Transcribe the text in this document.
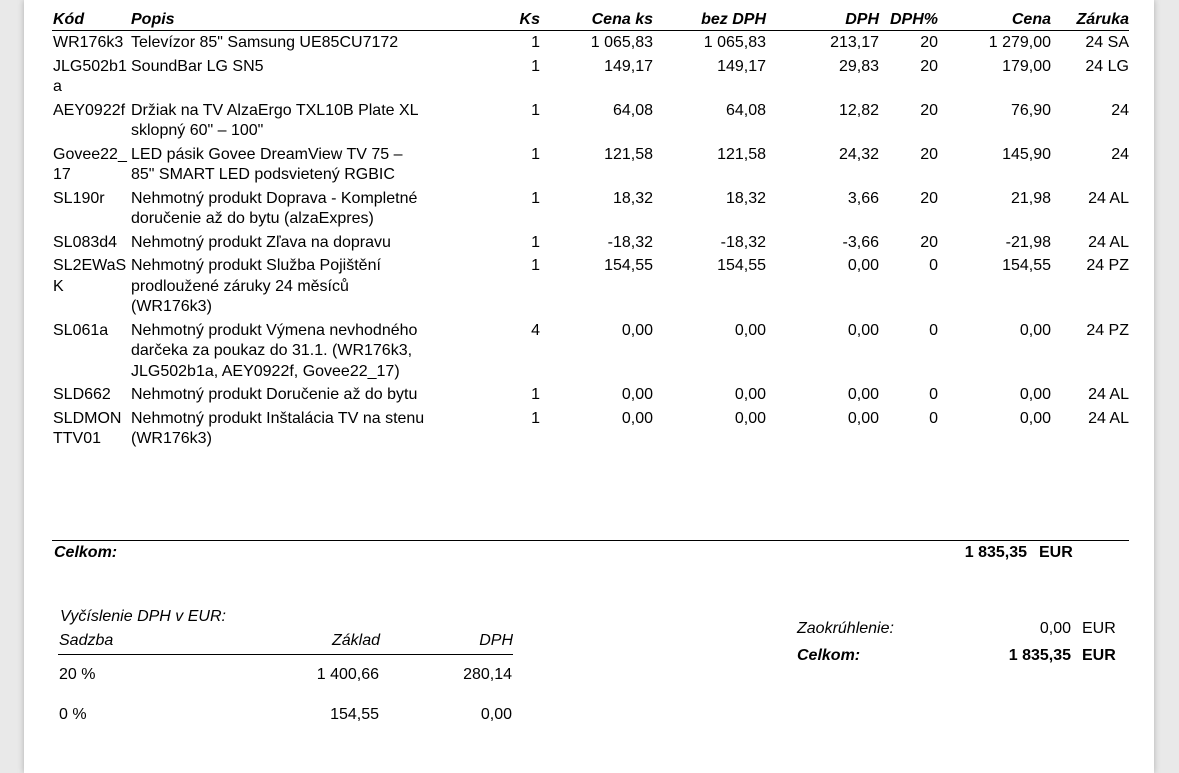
Kód	Popis	Ks	Cena ks	bez DPH	DPH	DPH%	Cena	Záruka
WR176k3	Televízor 85" Samsung UE85CU7172	1	1 065,83	1 065,83	213,17	20	1 279,00	24 SA
JLG502b1a	SoundBar LG SN5	1	149,17	149,17	29,83	20	179,00	24 LG
AEY0922f	Držiak na TV AlzaErgo TXL10B Plate XL sklopný 60" – 100"	1	64,08	64,08	12,82	20	76,90	24
Govee22_17	LED pásik Govee DreamView TV 75 – 85" SMART LED podsvietený RGBIC	1	121,58	121,58	24,32	20	145,90	24
SL190r	Nehmotný produkt Doprava - Kompletné doručenie až do bytu (alzaExpres)	1	18,32	18,32	3,66	20	21,98	24 AL
SL083d4	Nehmotný produkt Zľava na dopravu	1	-18,32	-18,32	-3,66	20	-21,98	24 AL
SL2EWaSK	Nehmotný produkt Služba Pojištění prodloužené záruky 24 měsíců (WR176k3)	1	154,55	154,55	0,00	0	154,55	24 PZ
SL061a	Nehmotný produkt Výmena nevhodného darčeka za poukaz do 31.1. (WR176k3, JLG502b1a, AEY0922f, Govee22_17)	4	0,00	0,00	0,00	0	0,00	24 PZ
SLD662	Nehmotný produkt Doručenie až do bytu	1	0,00	0,00	0,00	0	0,00	24 AL
SLDMONTTV01	Nehmotný produkt Inštalácia TV na stenu (WR176k3)	1	0,00	0,00	0,00	0	0,00	24 AL

Celkom:	1 835,35 EUR
Vyčíslenie DPH v EUR:
Sadzba	Základ	DPH
20 %	1 400,66	280,14
0 %	154,55	0,00
Zaokrúhlenie:	0,00 EUR
Celkom:	1 835,35 EUR
